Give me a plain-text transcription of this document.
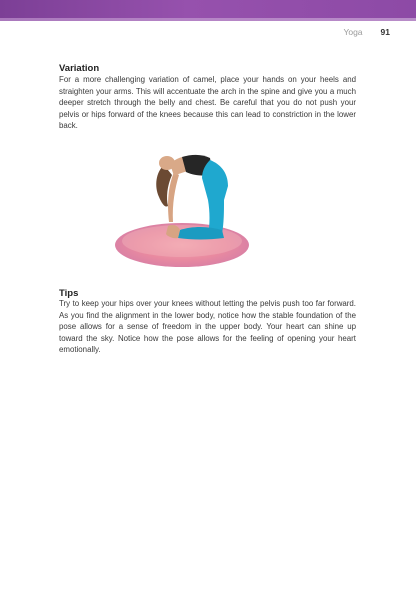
Yoga 91
Variation

For a more challenging variation of camel, place your hands on your heels and straighten your arms. This will accentuate the arch in the spine and give you a much deeper stretch through the belly and chest. Be careful that you do not push your pelvis or hips forward of the knees because this can lead to constriction in the lower back.

Tips

Try to keep your hips over your knees without letting the pelvis push too far forward. As you find the alignment in the lower body, notice how the stable foundation of the pose allows for a sense of freedom in the upper body. Your heart can shine up toward the sky. Notice how the pose allows for the feeling of opening your heart emotionally.
